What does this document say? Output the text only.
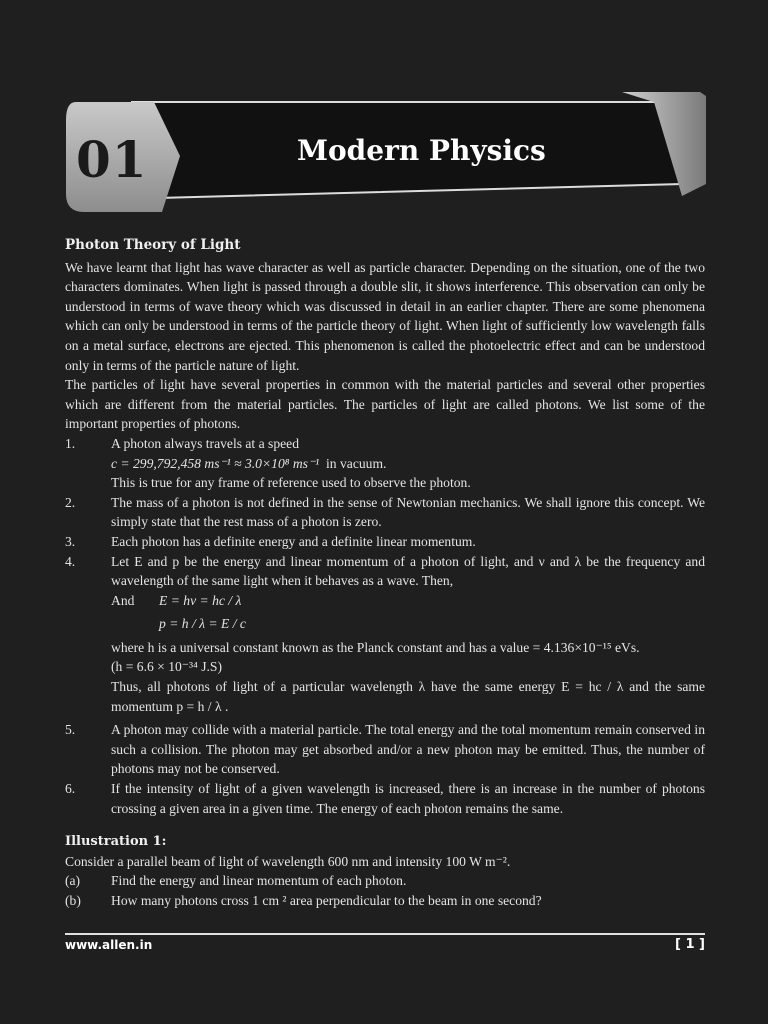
01	Modern Physics
Photon Theory of Light

We have learnt that light has wave character as well as particle character. Depending on the situation, one of the two characters dominates. When light is passed through a double slit, it shows interference. This observation can only be understood in terms of wave theory which was discussed in detail in an earlier chapter. There are some phenomena which can only be understood in terms of the particle theory of light. When light of sufficiently low wavelength falls on a metal surface, electrons are ejected. This phenomenon is called the photoelectric effect and can be understood only in terms of the particle nature of light.

The particles of light have several properties in common with the material particles and several other properties which are different from the material particles. The particles of light are called photons. We list some of the important properties of photons.

1.	A photon always travels at a speed
c = 299,792,458 ms⁻¹ ≈ 3.0×10⁸ ms⁻¹ in vacuum.
This is true for any frame of reference used to observe the photon.
2.	The mass of a photon is not defined in the sense of Newtonian mechanics. We shall ignore this concept. We simply state that the rest mass of a photon is zero.
3.	Each photon has a definite energy and a definite linear momentum.
4.	Let E and p be the energy and linear momentum of a photon of light, and ν and λ be the frequency and wavelength of the same light when it behaves as a wave. Then,
And E = hν = hc / λ
p = h / λ = E / c
where h is a universal constant known as the Planck constant and has a value = 4.136×10⁻¹⁵ eVs.
(h = 6.6 × 10⁻³⁴ J.S)
Thus, all photons of light of a particular wavelength λ have the same energy E = hc / λ and the same momentum p = h / λ .
5.	A photon may collide with a material particle. The total energy and the total momentum remain conserved in such a collision. The photon may get absorbed and/or a new photon may be emitted. Thus, the number of photons may not be conserved.
6.	If the intensity of light of a given wavelength is increased, there is an increase in the number of photons crossing a given area in a given time. The energy of each photon remains the same.
Illustration 1:

Consider a parallel beam of light of wavelength 600 nm and intensity 100 W m⁻².

(a)	Find the energy and linear momentum of each photon.
(b)	How many photons cross 1 cm ² area perpendicular to the beam in one second?
www.allen.in	[ 1 ]
